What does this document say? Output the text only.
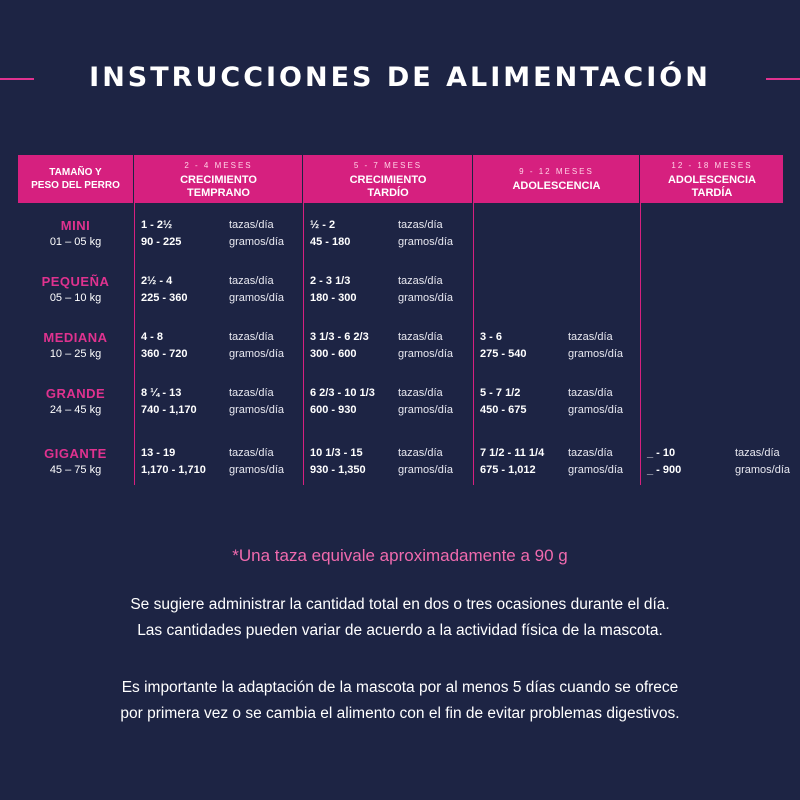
INSTRUCCIONES DE ALIMENTACIÓN
TAMAÑO Y
PESO DEL PERRO
2 - 4 MESES
CRECIMIENTO
TEMPRANO
5 - 7 MESES
CRECIMIENTO
TARDÍO
9 - 12 MESES
ADOLESCENCIA
12 - 18 MESES
ADOLESCENCIA
TARDÍA
MINI
01 – 05 kg
1 - 2½	tazas/día
90 - 225	gramos/día
½ - 2	tazas/día
45 - 180	gramos/día
PEQUEÑA
05 – 10 kg
2½ - 4	tazas/día
225 - 360	gramos/día
2 - 3 1/3	tazas/día
180 - 300	gramos/día
MEDIANA
10 – 25 kg
4 - 8	tazas/día
360 - 720	gramos/día
3 1/3 - 6 2/3	tazas/día
300 - 600	gramos/día
3 - 6	tazas/día
275 - 540	gramos/día
GRANDE
24 – 45 kg
8 ¼ - 13	tazas/día
740 - 1,170	gramos/día
6 2/3 - 10 1/3 tazas/día
600 - 930	gramos/día
5 - 7 1/2	tazas/día
450 - 675	gramos/día
GIGANTE
45 – 75 kg
13 - 19	tazas/día
1,170 - 1,710 gramos/día
10 1/3 - 15	tazas/día
930 - 1,350	gramos/día
7 1/2 - 11 1/4 tazas/día
675 - 1,012	gramos/día
_ - 10	tazas/día
_ - 900	gramos/día
*Una taza equivale aproximadamente a 90 g
Se sugiere administrar la cantidad total en dos o tres ocasiones durante el día.
Las cantidades pueden variar de acuerdo a la actividad física de la mascota.
Es importante la adaptación de la mascota por al menos 5 días cuando se ofrece
por primera vez o se cambia el alimento con el fin de evitar problemas digestivos.
